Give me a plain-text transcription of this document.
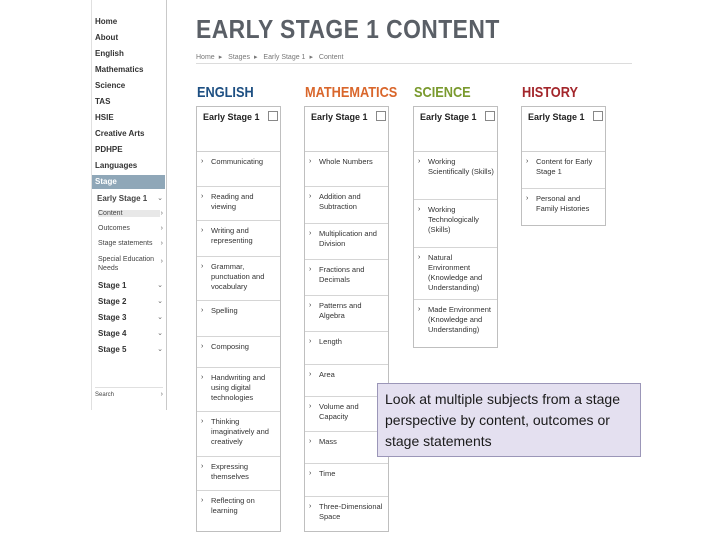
Home
About
English
Mathematics
Science
TAS
HSIE
Creative Arts
PDHPE
Languages
Stage
Early Stage 1 ⌄
Content	›
Outcomes	›
Stage statements ›
Special Education Needs
›
Stage 1	⌄
Stage 2	⌄
Stage 3	⌄
Stage 4	⌄
Stage 5	⌄
Search	›
EARLY STAGE 1 CONTENT
Home ▸ Stages ▸ Early Stage 1 ▸ Content
ENGLISH	MATHEMATICS SCIENCE	HISTORY
Early Stage 1
› Communicating
› Reading and viewing
› Writing and representing
› Grammar, punctuation and vocabulary
› Spelling
› Composing
› Handwriting and using digital technologies
› Thinking imaginatively and creatively
› Expressing themselves
› Reflecting on learning
Early Stage 1
› Whole Numbers
› Addition and Subtraction
› Multiplication and Division
› Fractions and Decimals
› Patterns and Algebra
› Length
› Area
› Volume and Capacity
› Mass
› Time
› Three-Dimensional Space
Early Stage 1
› Working Scientifically (Skills)
› Working Technologically (Skills)
› Natural Environment (Knowledge and Understanding)
› Made Environment (Knowledge and Understanding)
Early Stage 1
› Content for Early Stage 1
› Personal and Family Histories
Look at multiple subjects from a stage perspective by content, outcomes or stage statements
